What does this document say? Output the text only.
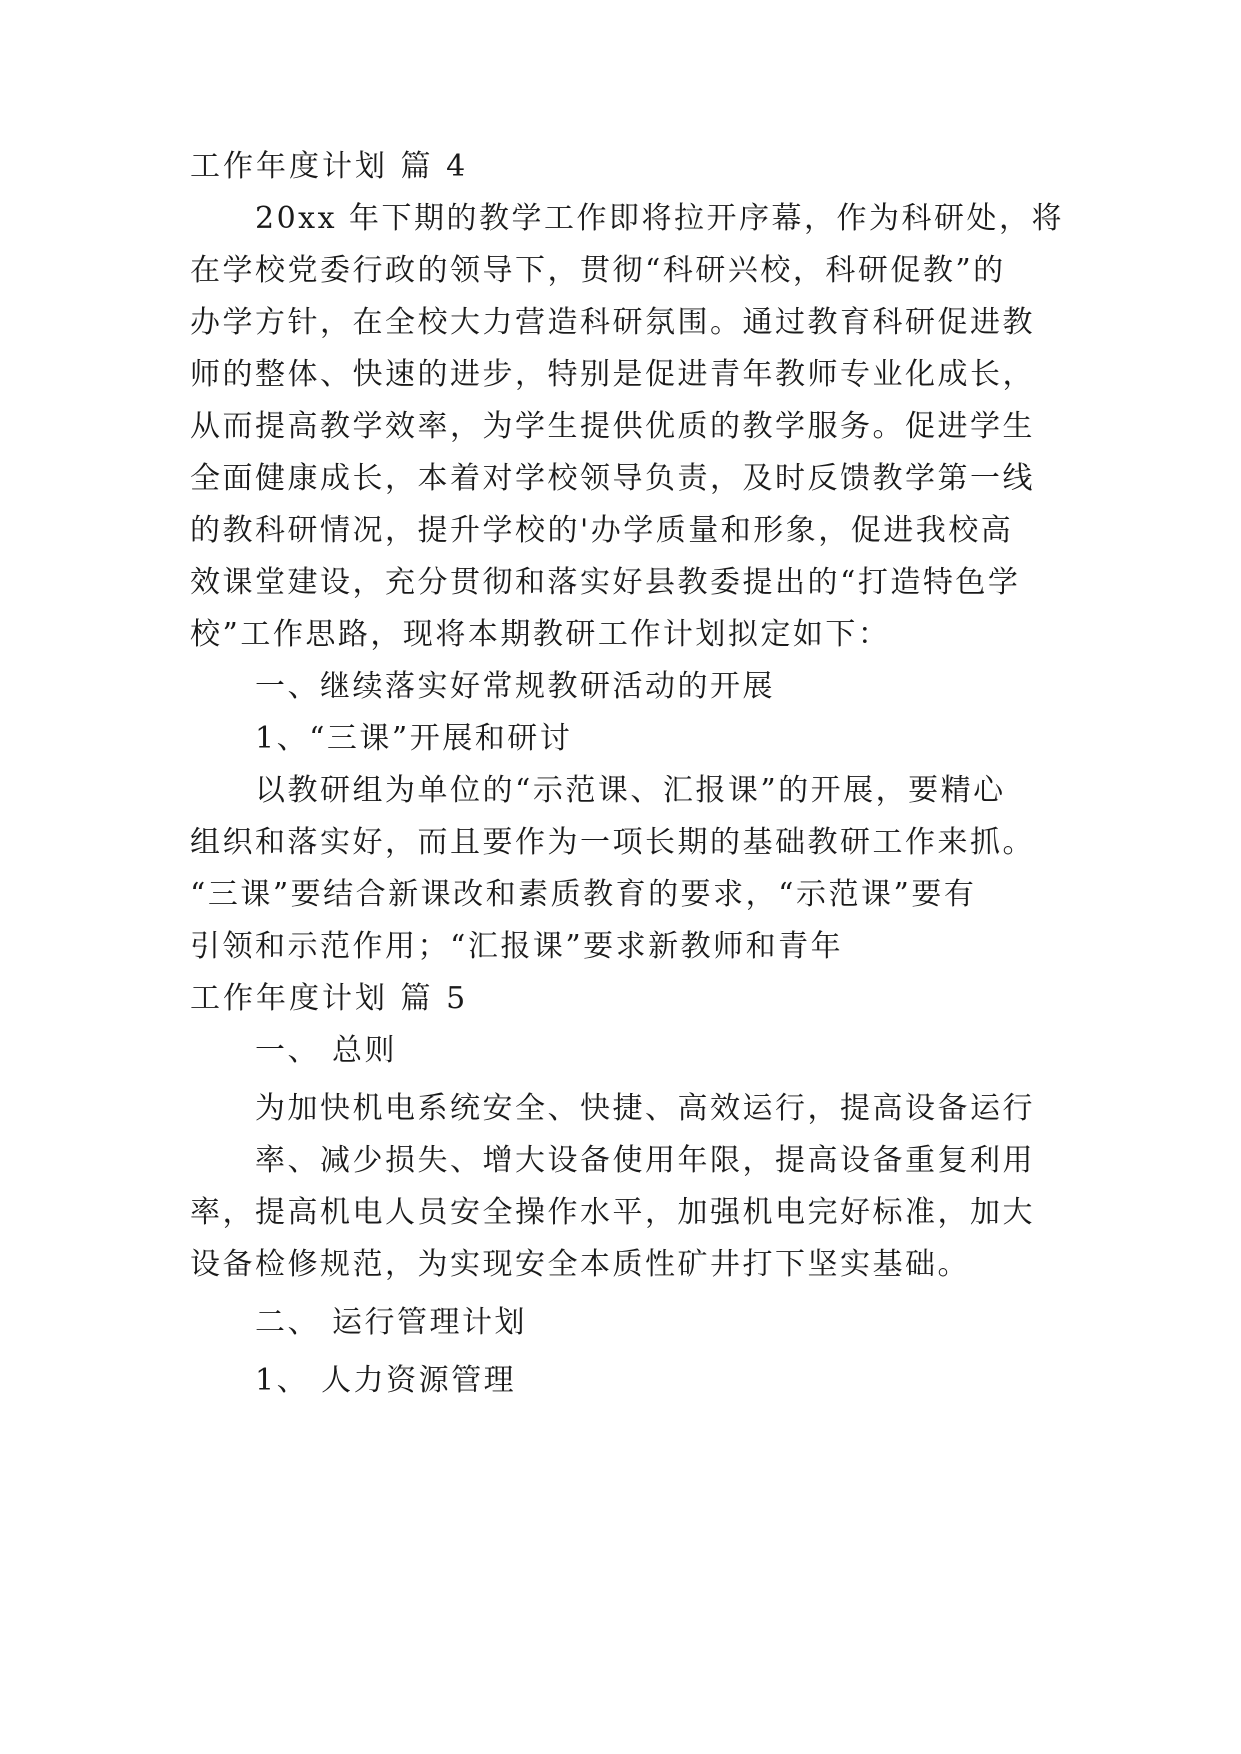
工作年度计划 篇 4
20xx 年下期的教学工作即将拉开序幕，作为科研处，将
在学校党委行政的领导下，贯彻“科研兴校，科研促教”的
办学方针，在全校大力营造科研氛围。通过教育科研促进教
师的整体、快速的进步，特别是促进青年教师专业化成长，
从而提高教学效率，为学生提供优质的教学服务。促进学生
全面健康成长，本着对学校领导负责，及时反馈教学第一线
的教科研情况，提升学校的'办学质量和形象，促进我校高
效课堂建设，充分贯彻和落实好县教委提出的“打造特色学
校”工作思路，现将本期教研工作计划拟定如下：
一、继续落实好常规教研活动的开展
1、“三课”开展和研讨
以教研组为单位的“示范课、汇报课”的开展，要精心
组织和落实好，而且要作为一项长期的基础教研工作来抓。
“三课”要结合新课改和素质教育的要求，“示范课”要有
引领和示范作用；“汇报课”要求新教师和青年
工作年度计划 篇 5
一、 总则
为加快机电系统安全、快捷、高效运行，提高设备运行
率、减少损失、增大设备使用年限，提高设备重复利用
率，提高机电人员安全操作水平，加强机电完好标准，加大
设备检修规范，为实现安全本质性矿井打下坚实基础。
二、 运行管理计划
1、 人力资源管理
